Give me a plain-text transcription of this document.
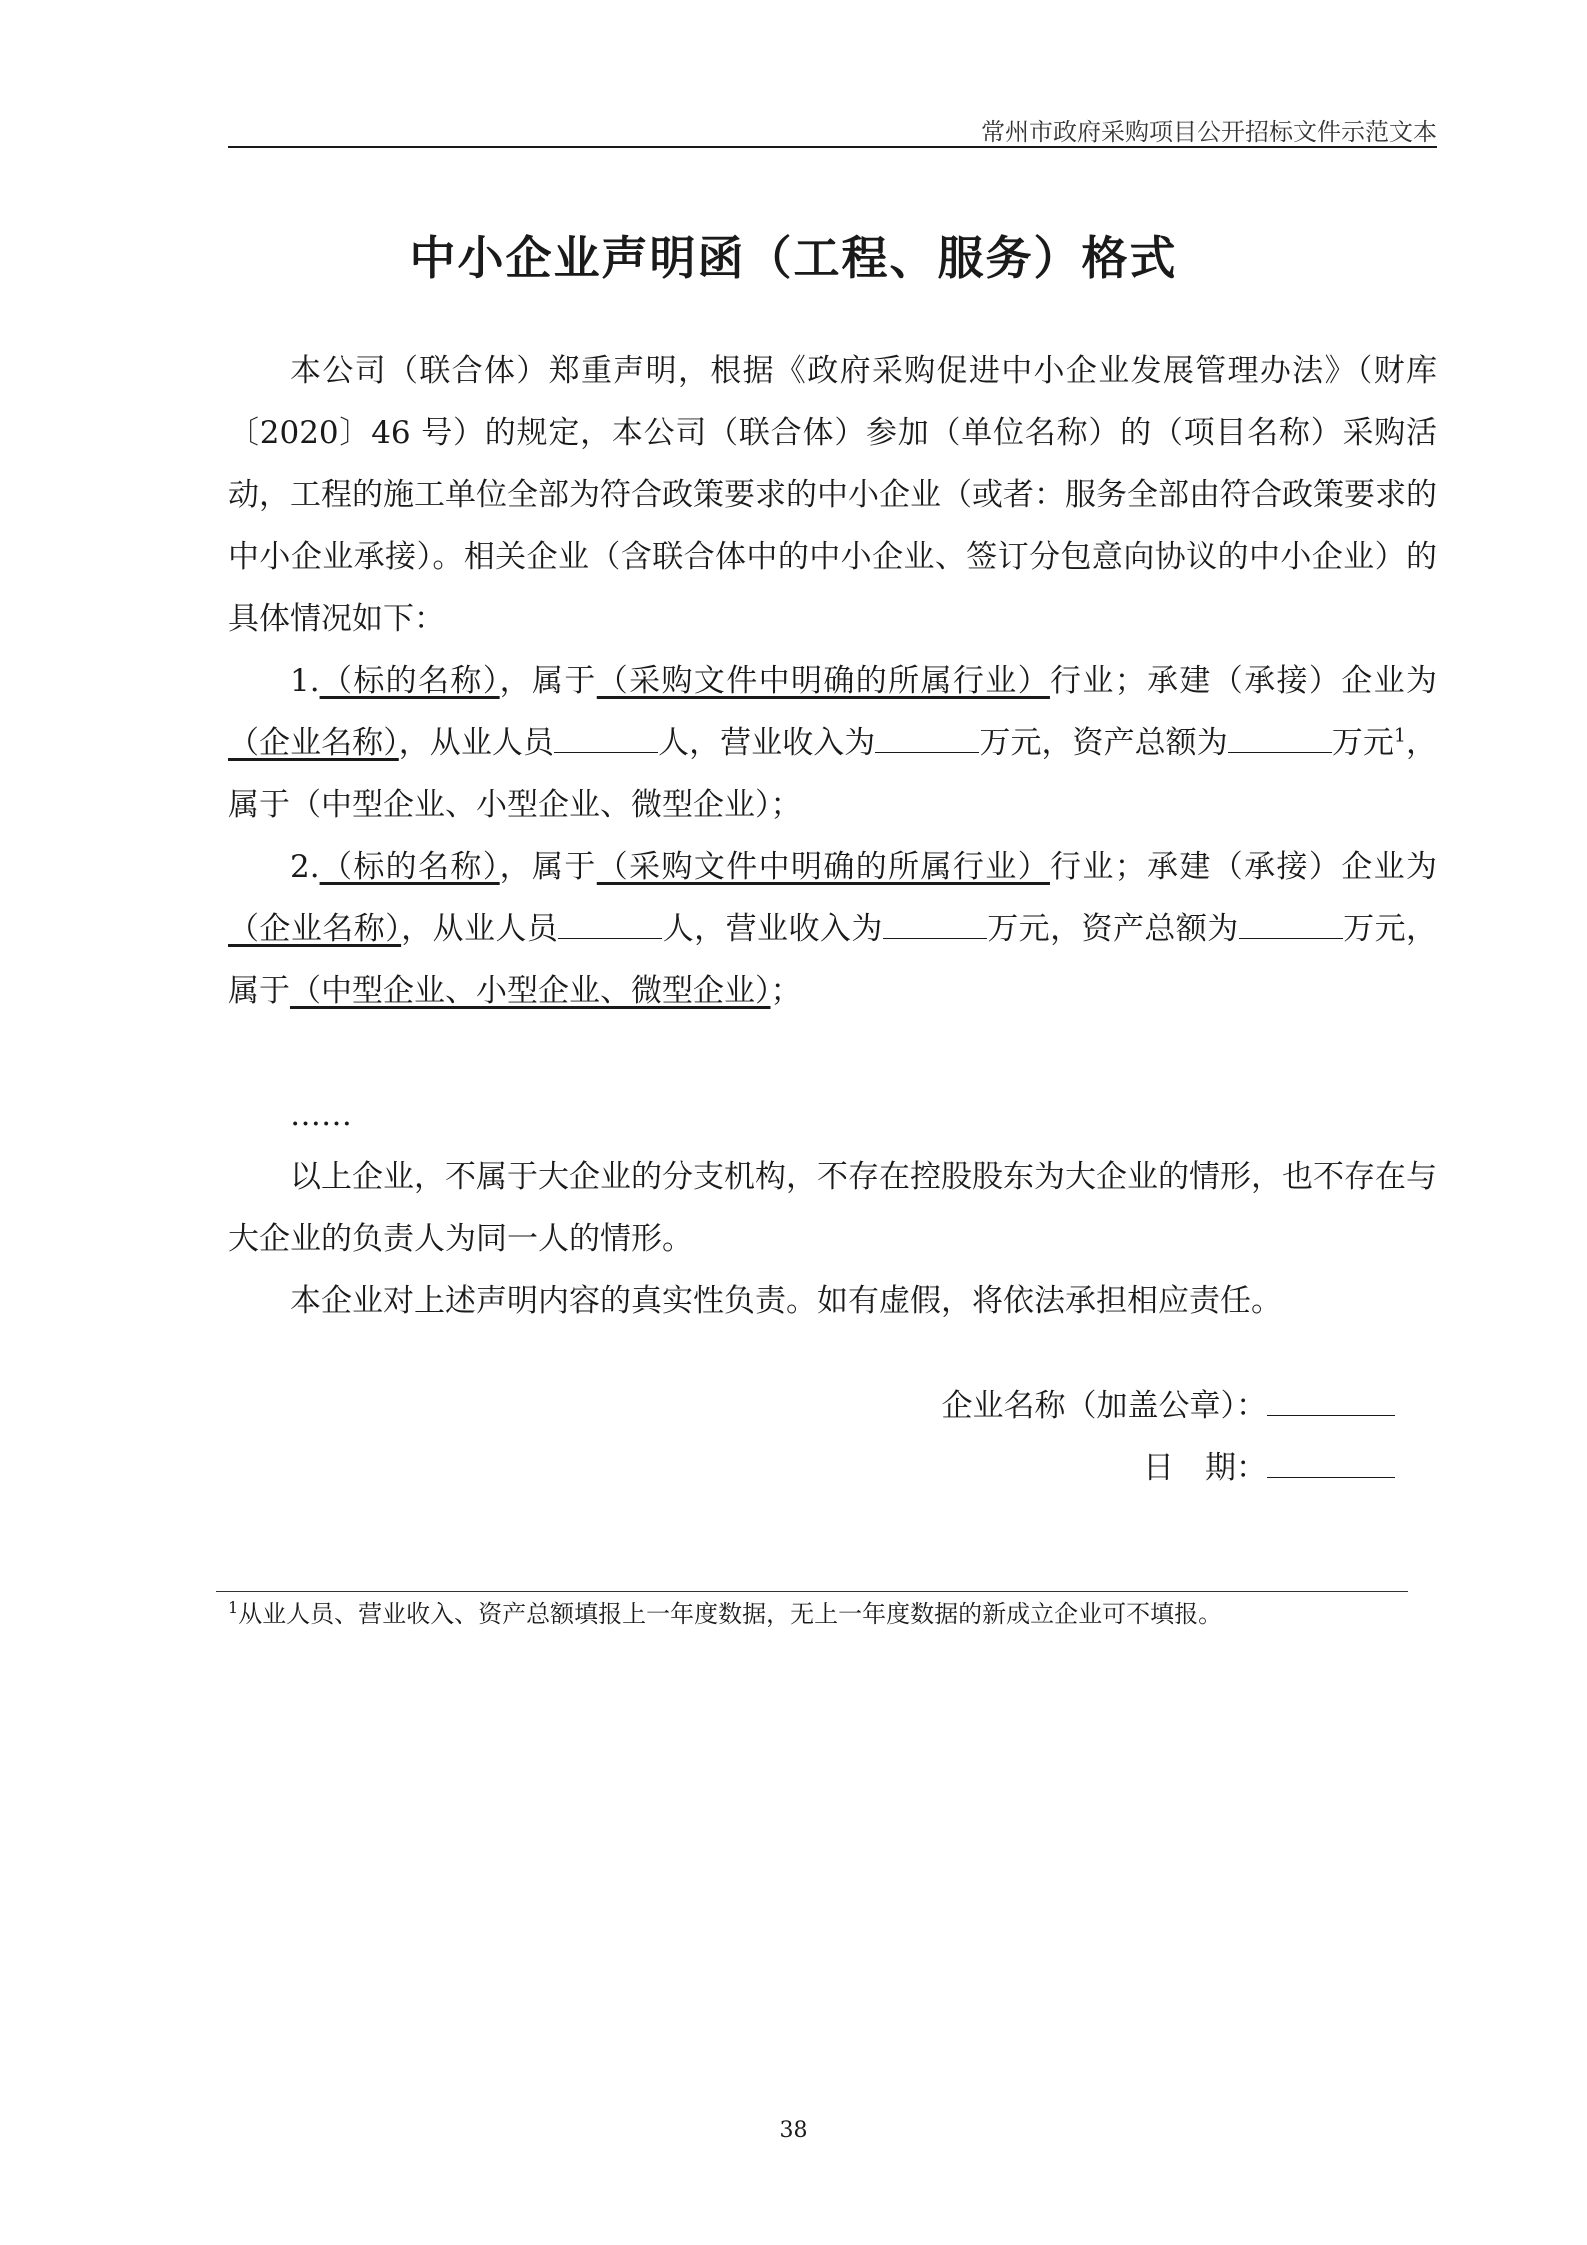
常州市政府采购项目公开招标文件示范文本
中小企业声明函（工程、服务）格式

本公司（联合体）郑重声明，根据《政府采购促进中小企业发展管理办法》（财库〔2020〕46 号）的规定，本公司（联合体）参加（单位名称）的（项目名称）采购活动，工程的施工单位全部为符合政策要求的中小企业（或者：服务全部由符合政策要求的中小企业承接）。相关企业（含联合体中的中小企业、签订分包意向协议的中小企业）的具体情况如下：

1.（标的名称），属于（采购文件中明确的所属行业）行业；承建（承接）企业为（企业名称），从业人员	人，营业收入为	万元，资产总额为	万元$^1$，属于（中型企业、小型企业、微型企业）；

2.（标的名称），属于（采购文件中明确的所属行业）行业；承建（承接）企业为（企业名称），从业人员	人，营业收入为	万元，资产总额为	万元，属于（中型企业、小型企业、微型企业）；

……

以上企业，不属于大企业的分支机构，不存在控股股东为大企业的情形，也不存在与大企业的负责人为同一人的情形。

本企业对上述声明内容的真实性负责。如有虚假，将依法承担相应责任。

企业名称（加盖公章）：
日　期：
$^1$从业人员、营业收入、资产总额填报上一年度数据，无上一年度数据的新成立企业可不填报。
38
